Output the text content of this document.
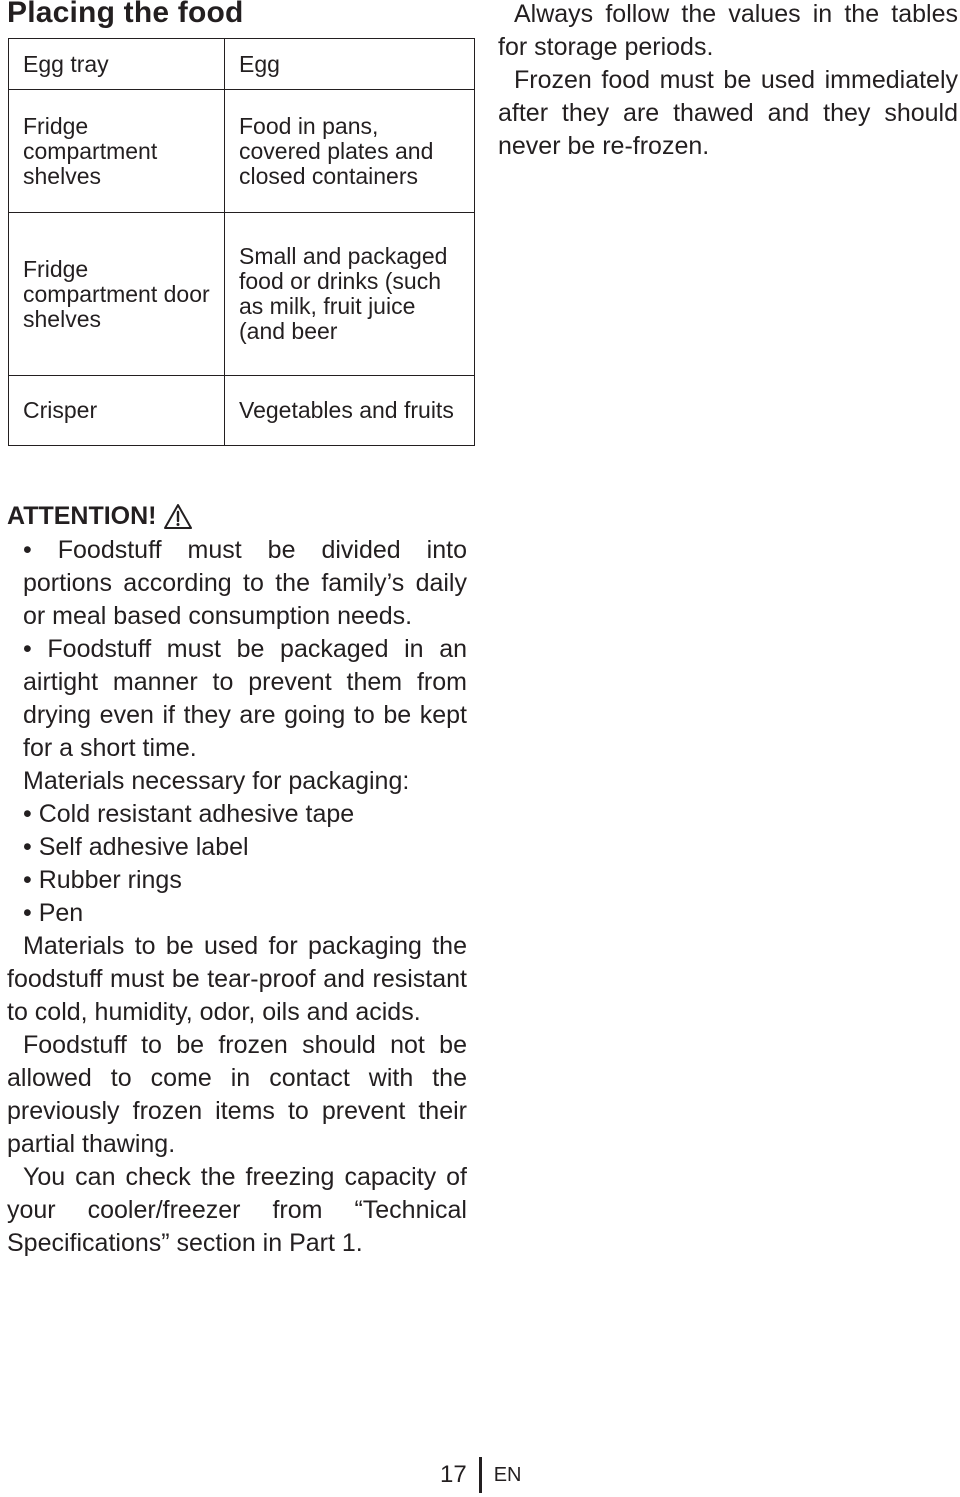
Placing the food
Egg tray	Egg
Fridge compartment shelves	Food in pans, covered plates and closed containers
Fridge compartment door shelves	Small and packaged food or drinks (such as milk, fruit juice (and beer
Crisper	Vegetables and fruits

Always follow the values in the tables for storage periods.

Frozen food must be used immediately after they are thawed and they should never be re-frozen.

ATTENTION!

• Foodstuff must be divided into portions according to the family’s daily or meal based consumption needs.

• Foodstuff must be packaged in an airtight manner to prevent them from drying even if they are going to be kept for a short time.

Materials necessary for packaging:

• Cold resistant adhesive tape

• Self adhesive label

• Rubber rings

• Pen

Materials to be used for packaging the foodstuff must be tear-proof and resistant to cold, humidity, odor, oils and acids.

Foodstuff to be frozen should not be allowed to come in contact with the previously frozen items to prevent their partial thawing.

You can check the freezing capacity of your cooler/freezer from “Technical Specifications” section in Part 1.

17 EN
